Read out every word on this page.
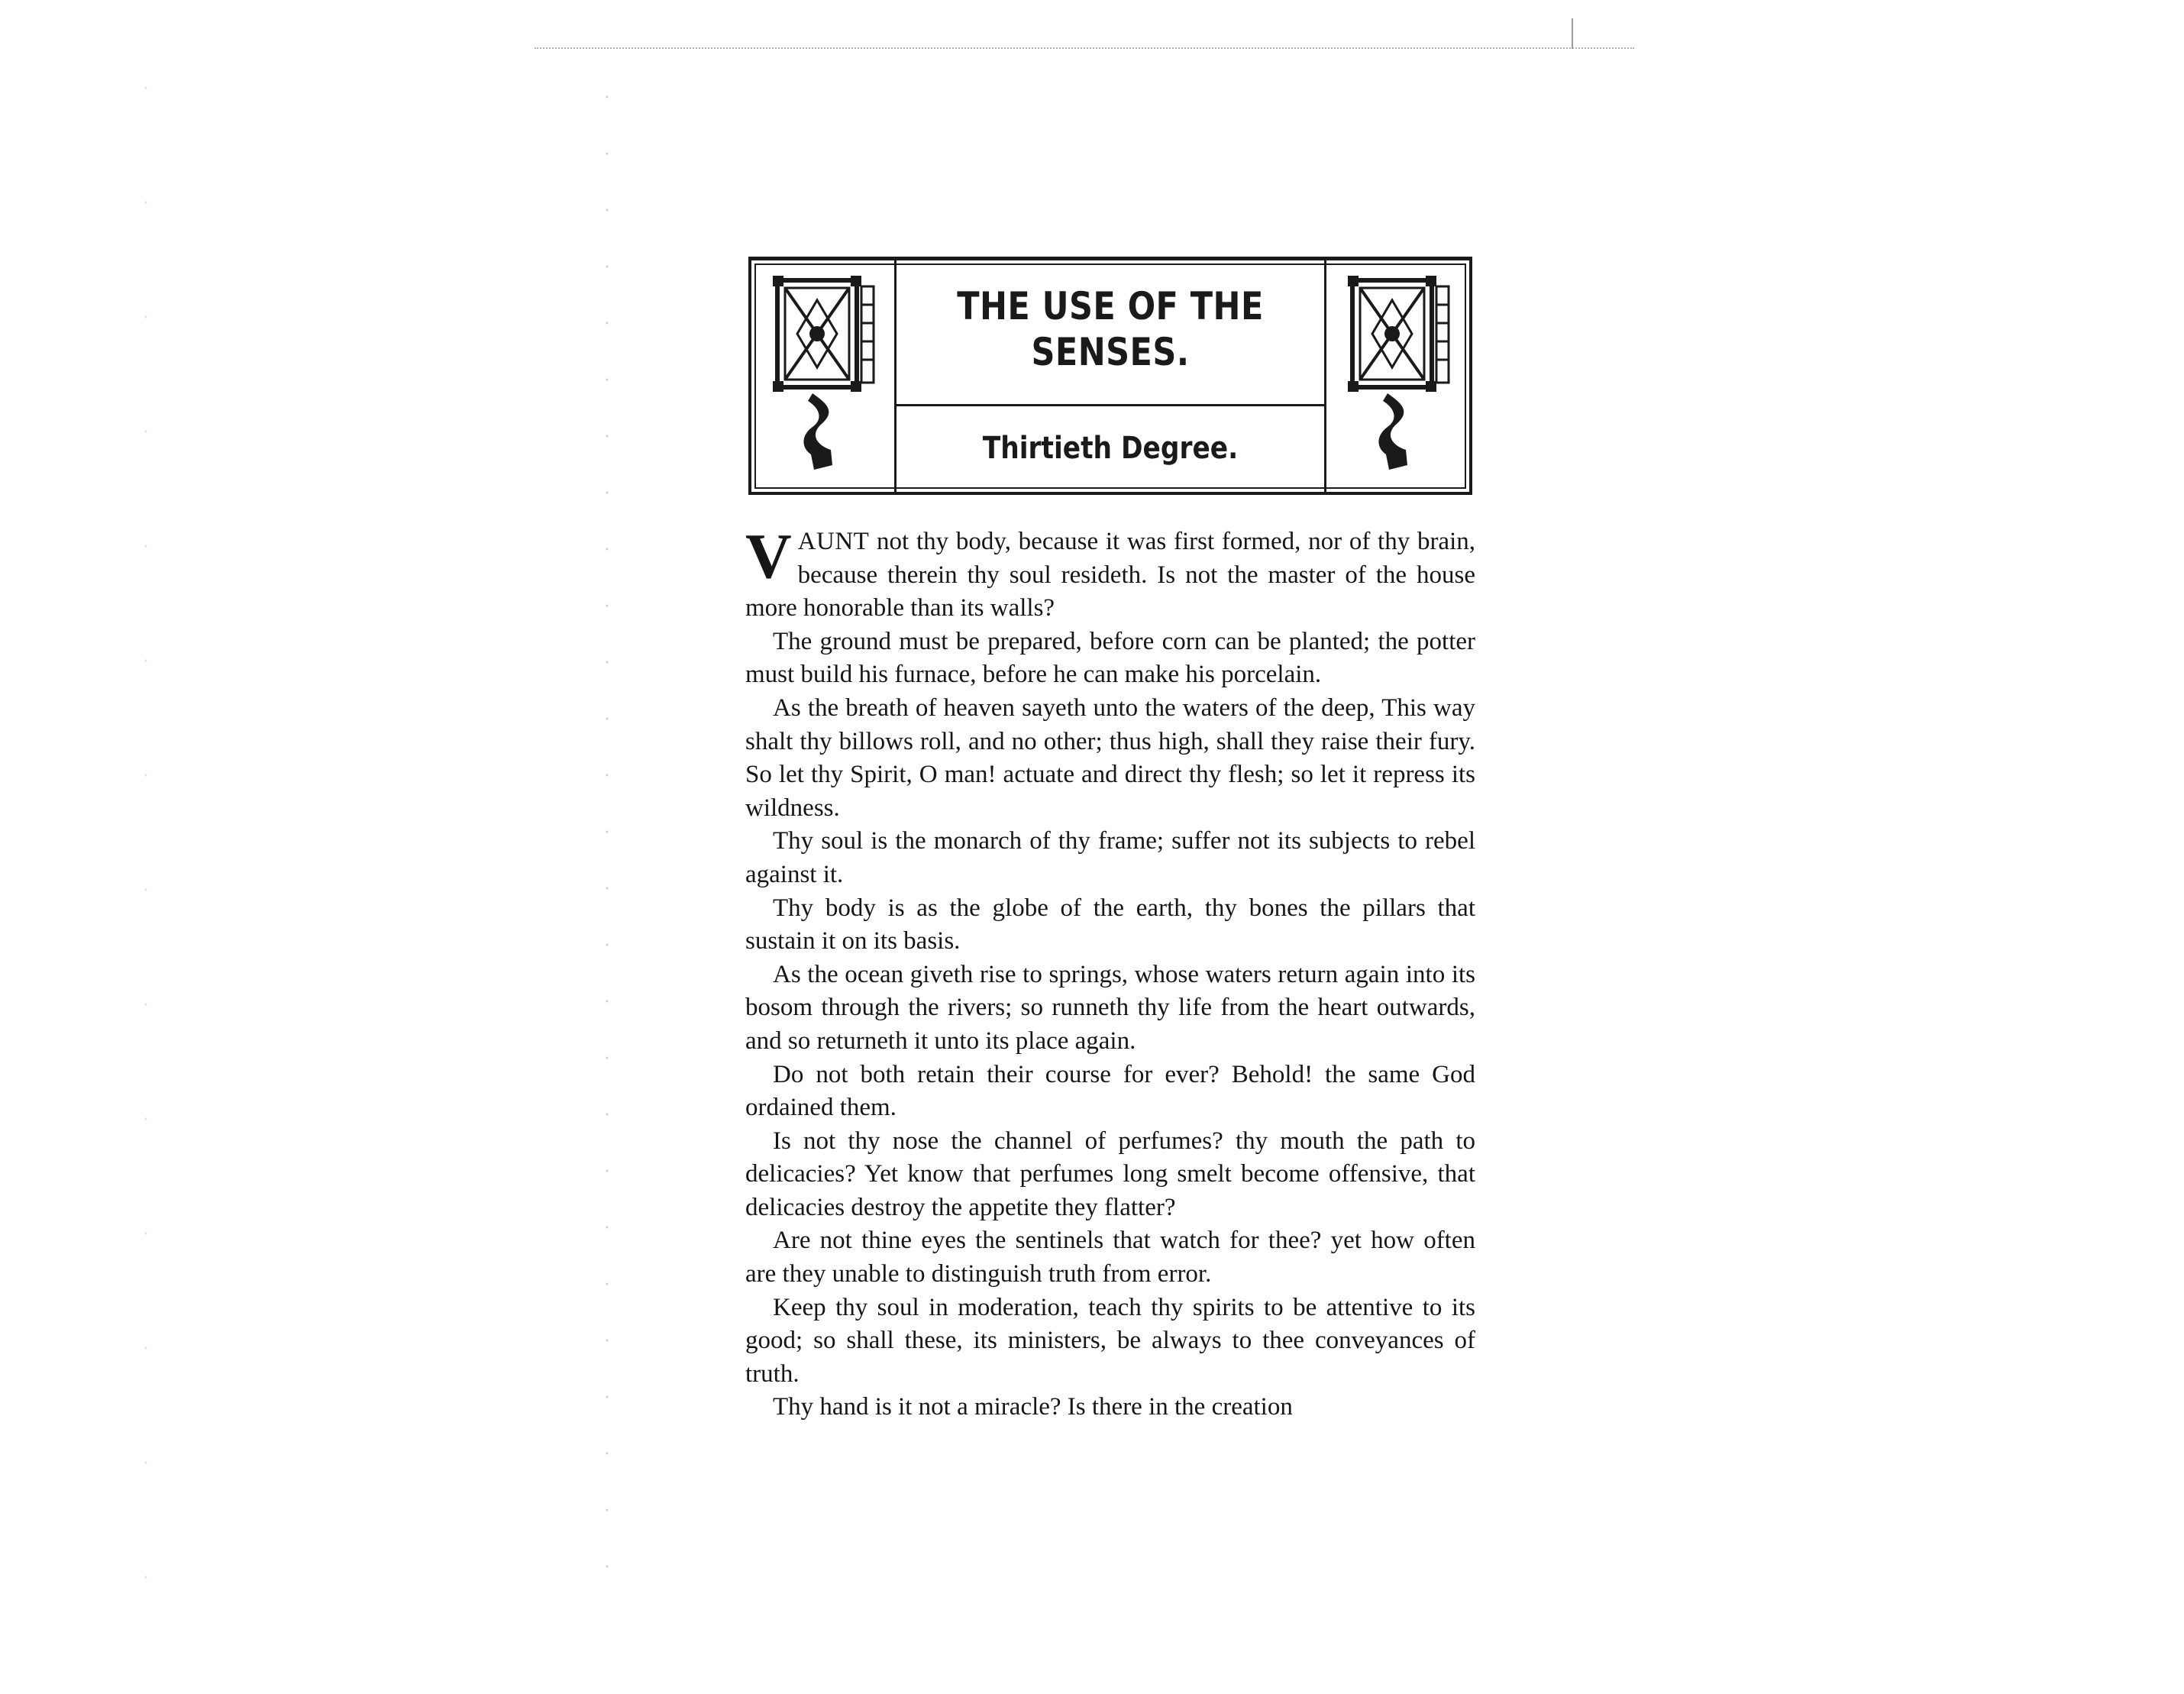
THE USE OF THE SENSES.
Thirtieth Degree.

VAUNT not thy body, because it was first formed, nor of thy brain, because therein thy soul resideth. Is not the master of the house more honorable than its walls?

The ground must be prepared, before corn can be planted; the potter must build his furnace, before he can make his porcelain.

As the breath of heaven sayeth unto the waters of the deep, This way shalt thy billows roll, and no other; thus high, shall they raise their fury. So let thy Spirit, O man! actuate and direct thy flesh; so let it repress its wildness.

Thy soul is the monarch of thy frame; suffer not its subjects to rebel against it.

Thy body is as the globe of the earth, thy bones the pillars that sustain it on its basis.

As the ocean giveth rise to springs, whose waters return again into its bosom through the rivers; so runneth thy life from the heart outwards, and so returneth it unto its place again.

Do not both retain their course for ever? Behold! the same God ordained them.

Is not thy nose the channel of perfumes? thy mouth the path to delicacies? Yet know that perfumes long smelt become offensive, that delicacies destroy the appetite they flatter?

Are not thine eyes the sentinels that watch for thee? yet how often are they unable to distinguish truth from error.

Keep thy soul in moderation, teach thy spirits to be attentive to its good; so shall these, its ministers, be always to thee conveyances of truth.

Thy hand is it not a miracle? Is there in the creation
